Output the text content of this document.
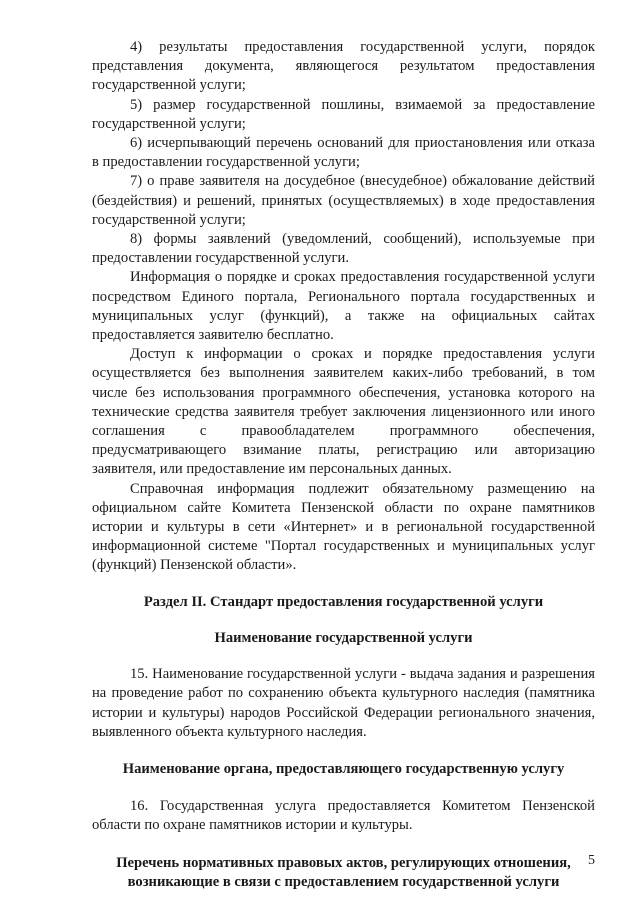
4) результаты предоставления государственной услуги, порядок представления документа, являющегося результатом предоставления государственной услуги;

5) размер государственной пошлины, взимаемой за предоставление государственной услуги;

6) исчерпывающий перечень оснований для приостановления или отказа в предоставлении государственной услуги;

7) о праве заявителя на досудебное (внесудебное) обжалование действий (бездействия) и решений, принятых (осуществляемых) в ходе предоставления государственной услуги;

8) формы заявлений (уведомлений, сообщений), используемые при предоставлении государственной услуги.

Информация о порядке и сроках предоставления государственной услуги посредством Единого портала, Регионального портала государственных и муниципальных услуг (функций), а также на официальных сайтах предоставляется заявителю бесплатно.

Доступ к информации о сроках и порядке предоставления услуги осуществляется без выполнения заявителем каких-либо требований, в том числе без использования программного обеспечения, установка которого на технические средства заявителя требует заключения лицензионного или иного соглашения с правообладателем программного обеспечения, предусматривающего взимание платы, регистрацию или авторизацию заявителя, или предоставление им персональных данных.

Справочная информация подлежит обязательному размещению на официальном сайте Комитета Пензенской области по охране памятников истории и культуры в сети «Интернет» и в региональной государственной информационной системе "Портал государственных и муниципальных услуг (функций) Пензенской области».

Раздел II. Стандарт предоставления государственной услуги

Наименование государственной услуги

15. Наименование государственной услуги - выдача задания и разрешения на проведение работ по сохранению объекта культурного наследия (памятника истории и культуры) народов Российской Федерации регионального значения, выявленного объекта культурного наследия.

Наименование органа, предоставляющего государственную услугу

16. Государственная услуга предоставляется Комитетом Пензенской области по охране памятников истории и культуры.

Перечень нормативных правовых актов, регулирующих отношения, возникающие в связи с предоставлением государственной услуги

5
